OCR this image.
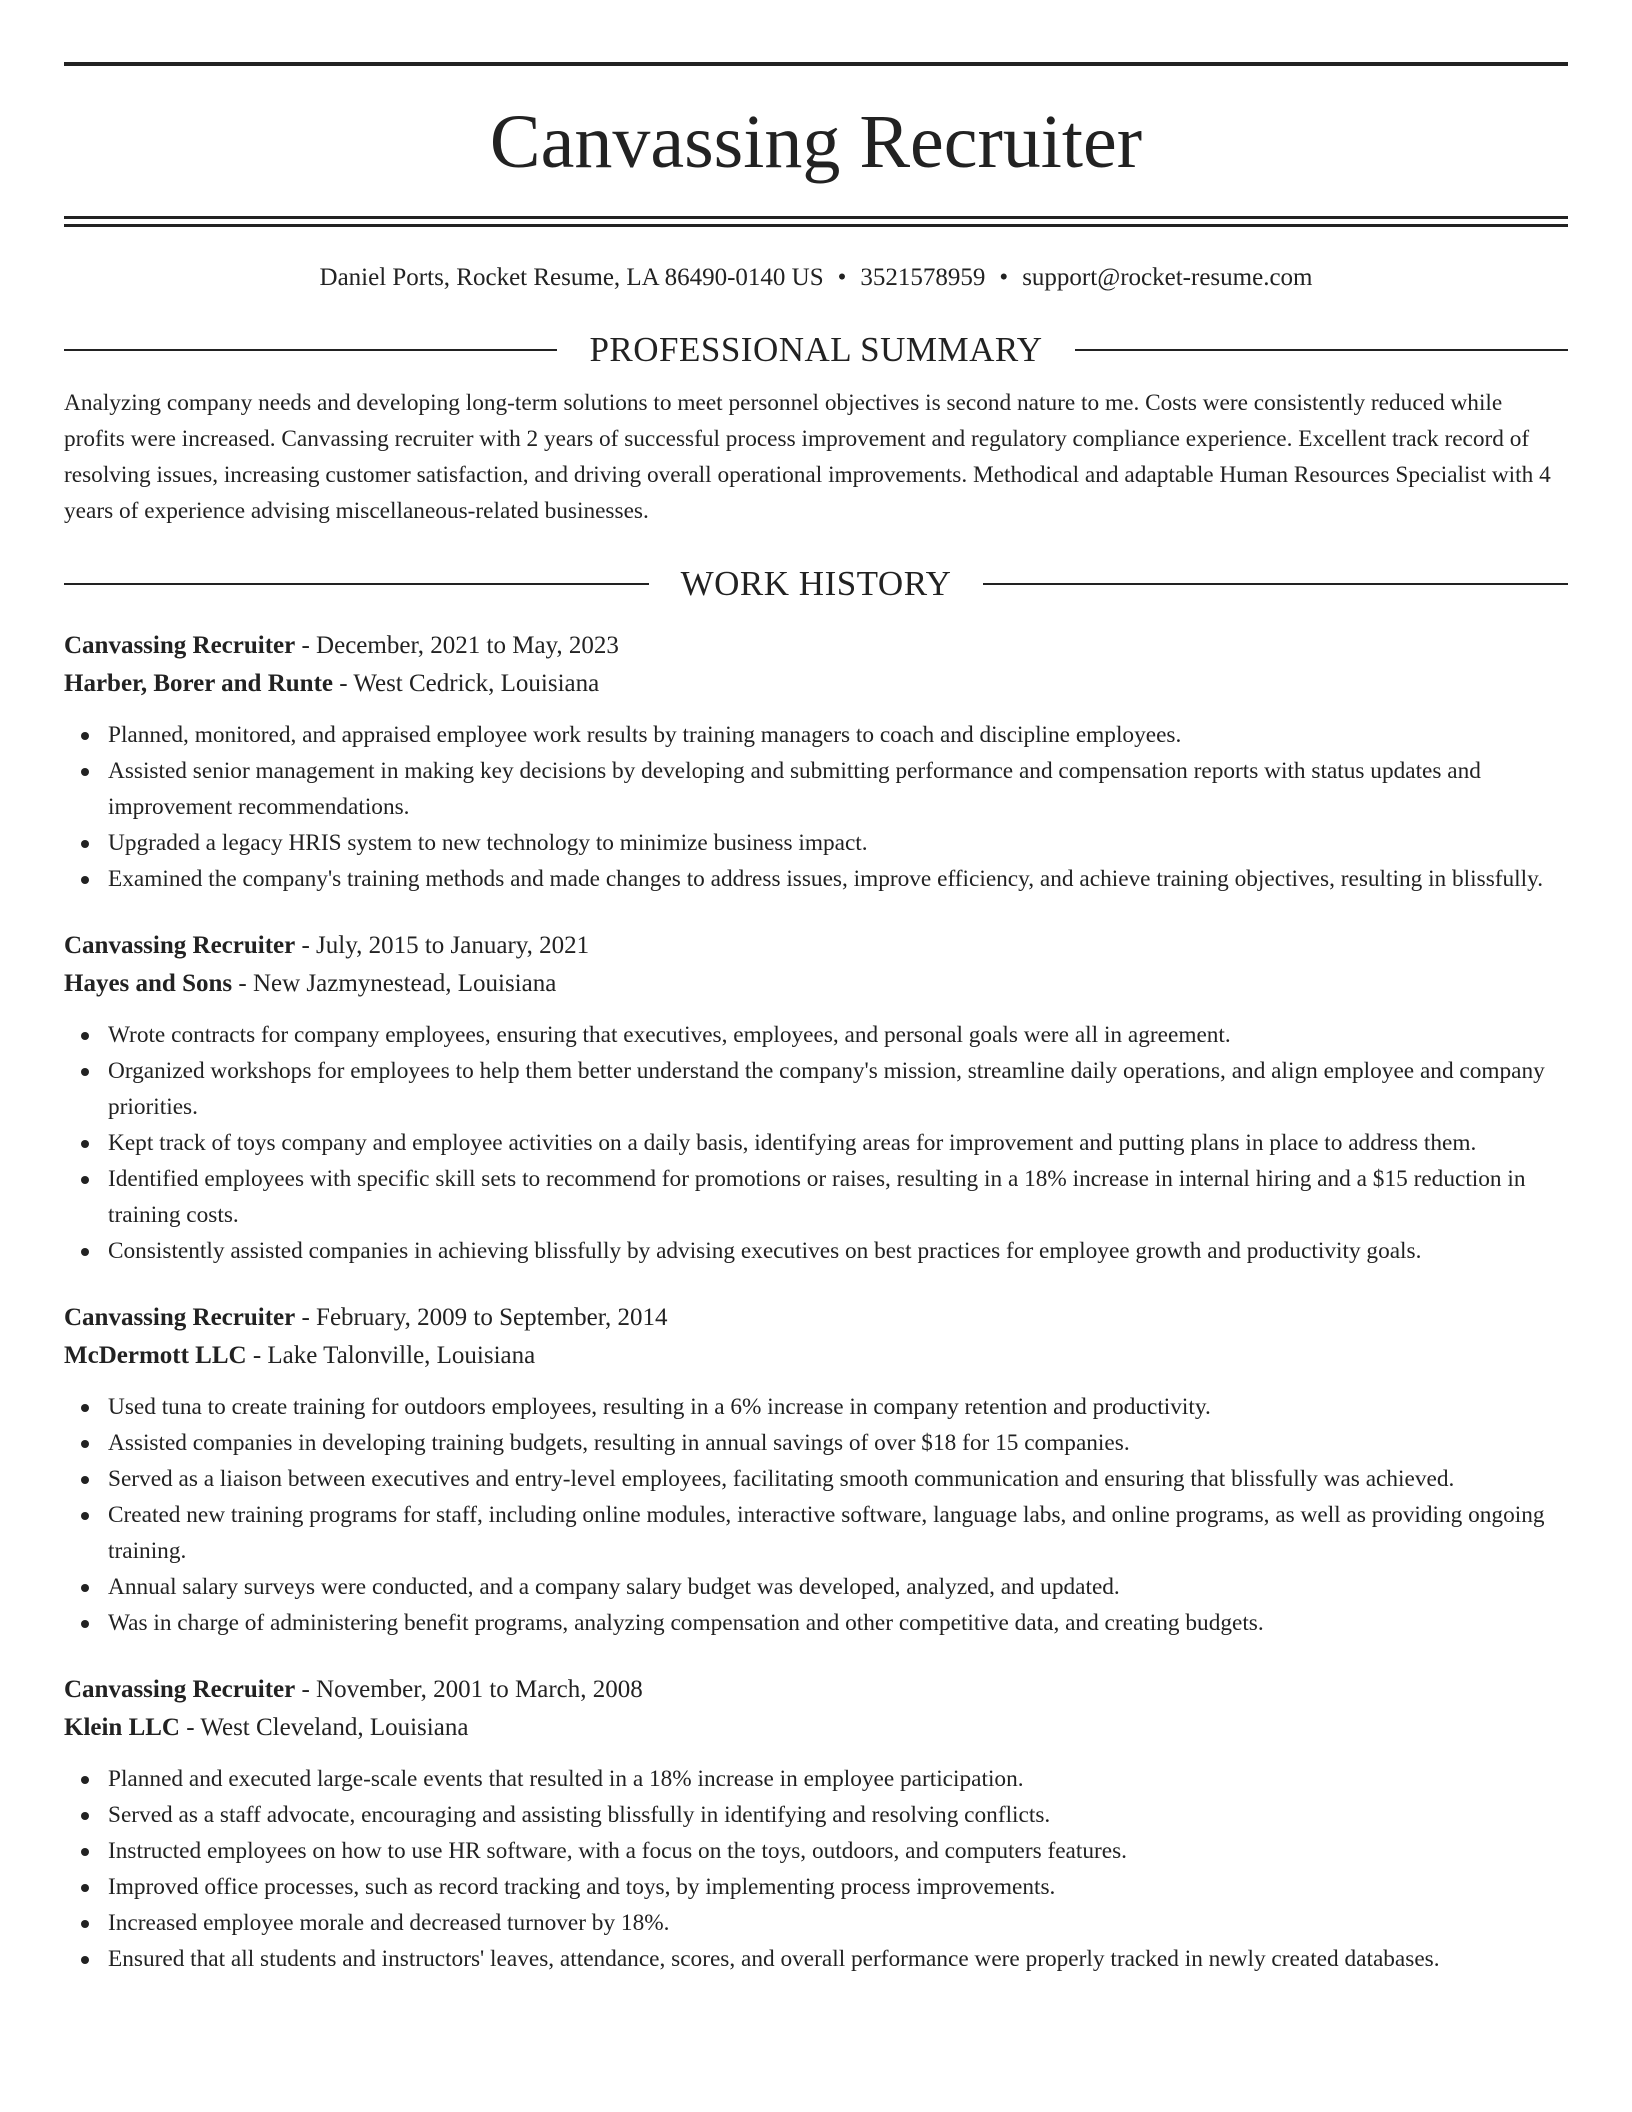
Canvassing Recruiter
Daniel Ports, Rocket Resume, LA 86490-0140 US • 3521578959 • support@rocket-resume.com
PROFESSIONAL SUMMARY
Analyzing company needs and developing long-term solutions to meet personnel objectives is second nature to me. Costs were consistently reduced while profits were increased. Canvassing recruiter with 2 years of successful process improvement and regulatory compliance experience. Excellent track record of resolving issues, increasing customer satisfaction, and driving overall operational improvements. Methodical and adaptable Human Resources Specialist with 4 years of experience advising miscellaneous-related businesses.
WORK HISTORY
Canvassing Recruiter - December, 2021 to May, 2023
Harber, Borer and Runte - West Cedrick, Louisiana
Planned, monitored, and appraised employee work results by training managers to coach and discipline employees.
Assisted senior management in making key decisions by developing and submitting performance and compensation reports with status updates and improvement recommendations.
Upgraded a legacy HRIS system to new technology to minimize business impact.
Examined the company's training methods and made changes to address issues, improve efficiency, and achieve training objectives, resulting in blissfully.
Canvassing Recruiter - July, 2015 to January, 2021
Hayes and Sons - New Jazmynestead, Louisiana
Wrote contracts for company employees, ensuring that executives, employees, and personal goals were all in agreement.
Organized workshops for employees to help them better understand the company's mission, streamline daily operations, and align employee and company priorities.
Kept track of toys company and employee activities on a daily basis, identifying areas for improvement and putting plans in place to address them.
Identified employees with specific skill sets to recommend for promotions or raises, resulting in a 18% increase in internal hiring and a $15 reduction in training costs.
Consistently assisted companies in achieving blissfully by advising executives on best practices for employee growth and productivity goals.
Canvassing Recruiter - February, 2009 to September, 2014
McDermott LLC - Lake Talonville, Louisiana
Used tuna to create training for outdoors employees, resulting in a 6% increase in company retention and productivity.
Assisted companies in developing training budgets, resulting in annual savings of over $18 for 15 companies.
Served as a liaison between executives and entry-level employees, facilitating smooth communication and ensuring that blissfully was achieved.
Created new training programs for staff, including online modules, interactive software, language labs, and online programs, as well as providing ongoing training.
Annual salary surveys were conducted, and a company salary budget was developed, analyzed, and updated.
Was in charge of administering benefit programs, analyzing compensation and other competitive data, and creating budgets.
Canvassing Recruiter - November, 2001 to March, 2008
Klein LLC - West Cleveland, Louisiana
Planned and executed large-scale events that resulted in a 18% increase in employee participation.
Served as a staff advocate, encouraging and assisting blissfully in identifying and resolving conflicts.
Instructed employees on how to use HR software, with a focus on the toys, outdoors, and computers features.
Improved office processes, such as record tracking and toys, by implementing process improvements.
Increased employee morale and decreased turnover by 18%.
Ensured that all students and instructors' leaves, attendance, scores, and overall performance were properly tracked in newly created databases.
